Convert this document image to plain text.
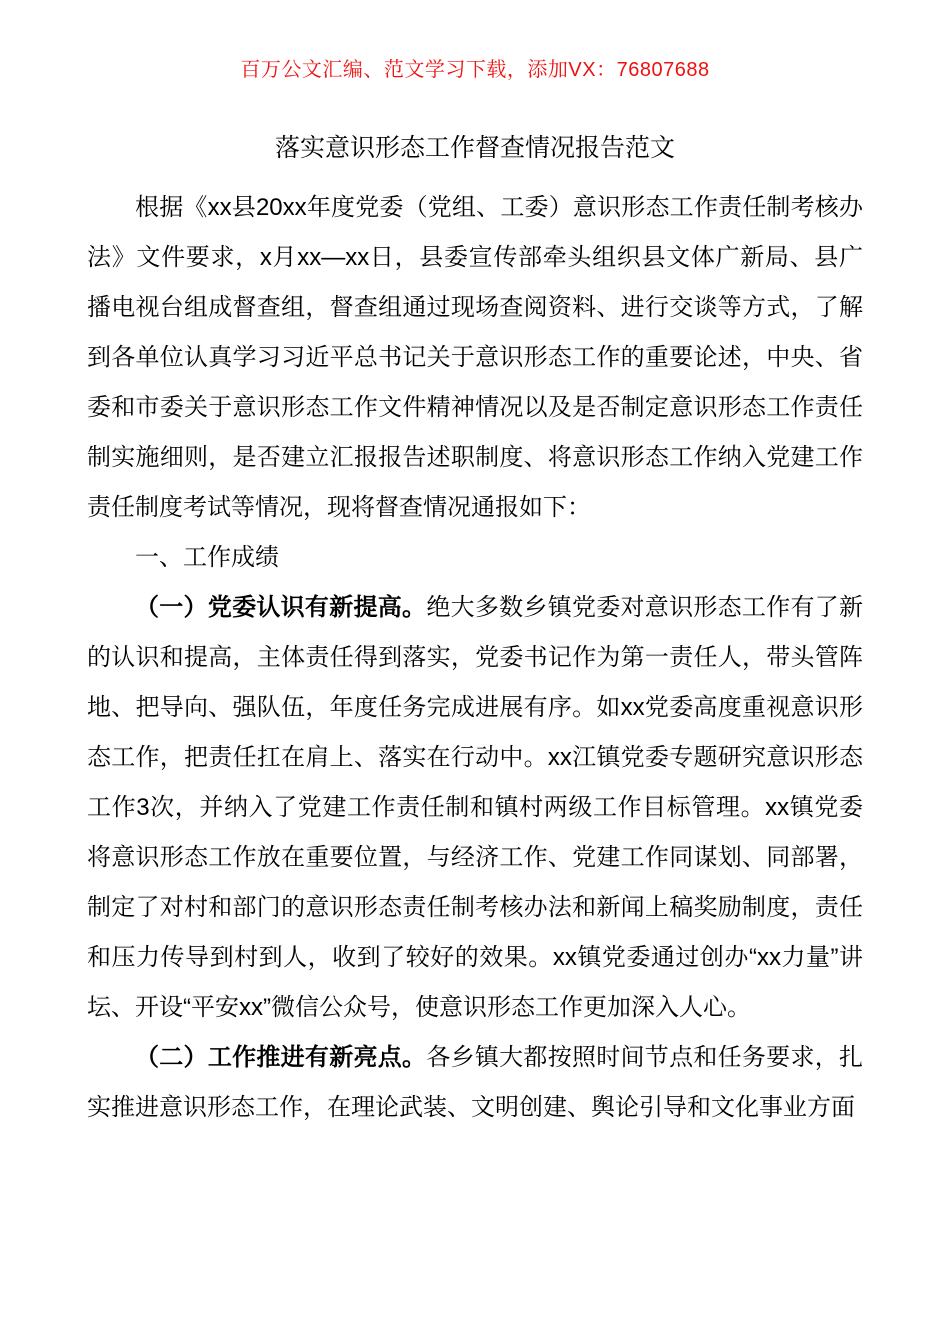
百万公文汇编、范文学习下载，添加VX：76807688
落实意识形态工作督查情况报告范文

根据《xx县20xx年度党委（党组、工委）意识形态工作责任制考核办法》文件要求，x月xx—xx日，县委宣传部牵头组织县文体广新局、县广播电视台组成督查组，督查组通过现场查阅资料、进行交谈等方式，了解到各单位认真学习习近平总书记关于意识形态工作的重要论述，中央、省委和市委关于意识形态工作文件精神情况以及是否制定意识形态工作责任制实施细则，是否建立汇报报告述职制度、将意识形态工作纳入党建工作责任制度考试等情况，现将督查情况通报如下：

一、工作成绩

（一）党委认识有新提高。绝大多数乡镇党委对意识形态工作有了新的认识和提高，主体责任得到落实，党委书记作为第一责任人，带头管阵地、把导向、强队伍，年度任务完成进展有序。如xx党委高度重视意识形态工作，把责任扛在肩上、落实在行动中。xx江镇党委专题研究意识形态工作3次，并纳入了党建工作责任制和镇村两级工作目标管理。xx镇党委将意识形态工作放在重要位置，与经济工作、党建工作同谋划、同部署，制定了对村和部门的意识形态责任制考核办法和新闻上稿奖励制度，责任和压力传导到村到人，收到了较好的效果。xx镇党委通过创办“xx力量”讲坛、开设“平安xx”微信公众号，使意识形态工作更加深入人心。

（二）工作推进有新亮点。各乡镇大都按照时间节点和任务要求，扎实推进意识形态工作，在理论武装、文明创建、舆论引导和文化事业方面
